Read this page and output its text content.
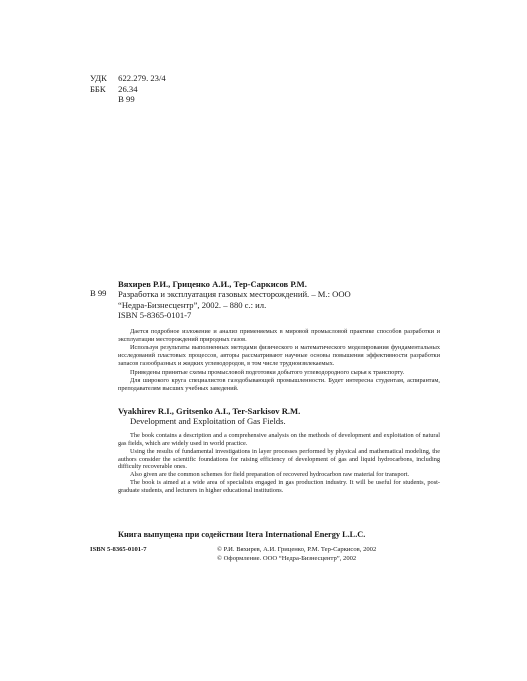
УДК 622.279. 23/4
ББК 26.34
В 99
В 99
Вяхирев Р.И., Гриценко А.И., Тер-Саркисов Р.М.
Разработка и эксплуатация газовых месторождений. – М.: ООО
“Недра-Бизнесцентр”, 2002. – 880 с.: ил.
ISBN 5-8365-0101-7

Дается подробное изложение и анализ применяемых в мировой промысловой практике способов разработки и эксплуатации месторождений природных газов.

Используя результаты выполненных методами физического и математического моделирования фундаментальных исследований пластовых процессов, авторы рассматривают научные основы повышения эффективности разработки запасов газообразных и жидких углеводородов, в том числе трудноизвлекаемых.

Приведены принятые схемы промысловой подготовки добытого углеводородного сырья к транспорту.

Для широкого круга специалистов газодобывающей промышленности. Будет интересна студентам, аспирантам, преподавателям высших учебных заведений.

Vyakhirev R.I., Gritsenko A.I., Ter-Sarkisov R.M.
Development and Exploitation of Gas Fields.

The book contains a description and a comprehensive analysis on the methods of development and exploitation of natural gas fields, which are widely used in world practice.

Using the results of fundamental investigations in layer processes performed by physical and mathematical modeling, the authors consider the scientific foundations for raising efficiency of development of gas and liquid hydrocarbons, including difficulty recoverable ones.

Also given are the common schemes for field preparation of recovered hydrocarbon raw material for transport.

The book is aimed at a wide area of specialists engaged in gas production industry. It will be useful for students, post-graduate students, and lecturers in higher educational institutions.

Книга выпущена при содействии Itera International Energy L.L.C.
ISBN 5-8365-0101-7	© Р.И. Вяхирев, А.И. Гриценко, Р.М. Тер-Саркисов, 2002
© Оформление. ООО “Недра-Бизнесцентр”, 2002
